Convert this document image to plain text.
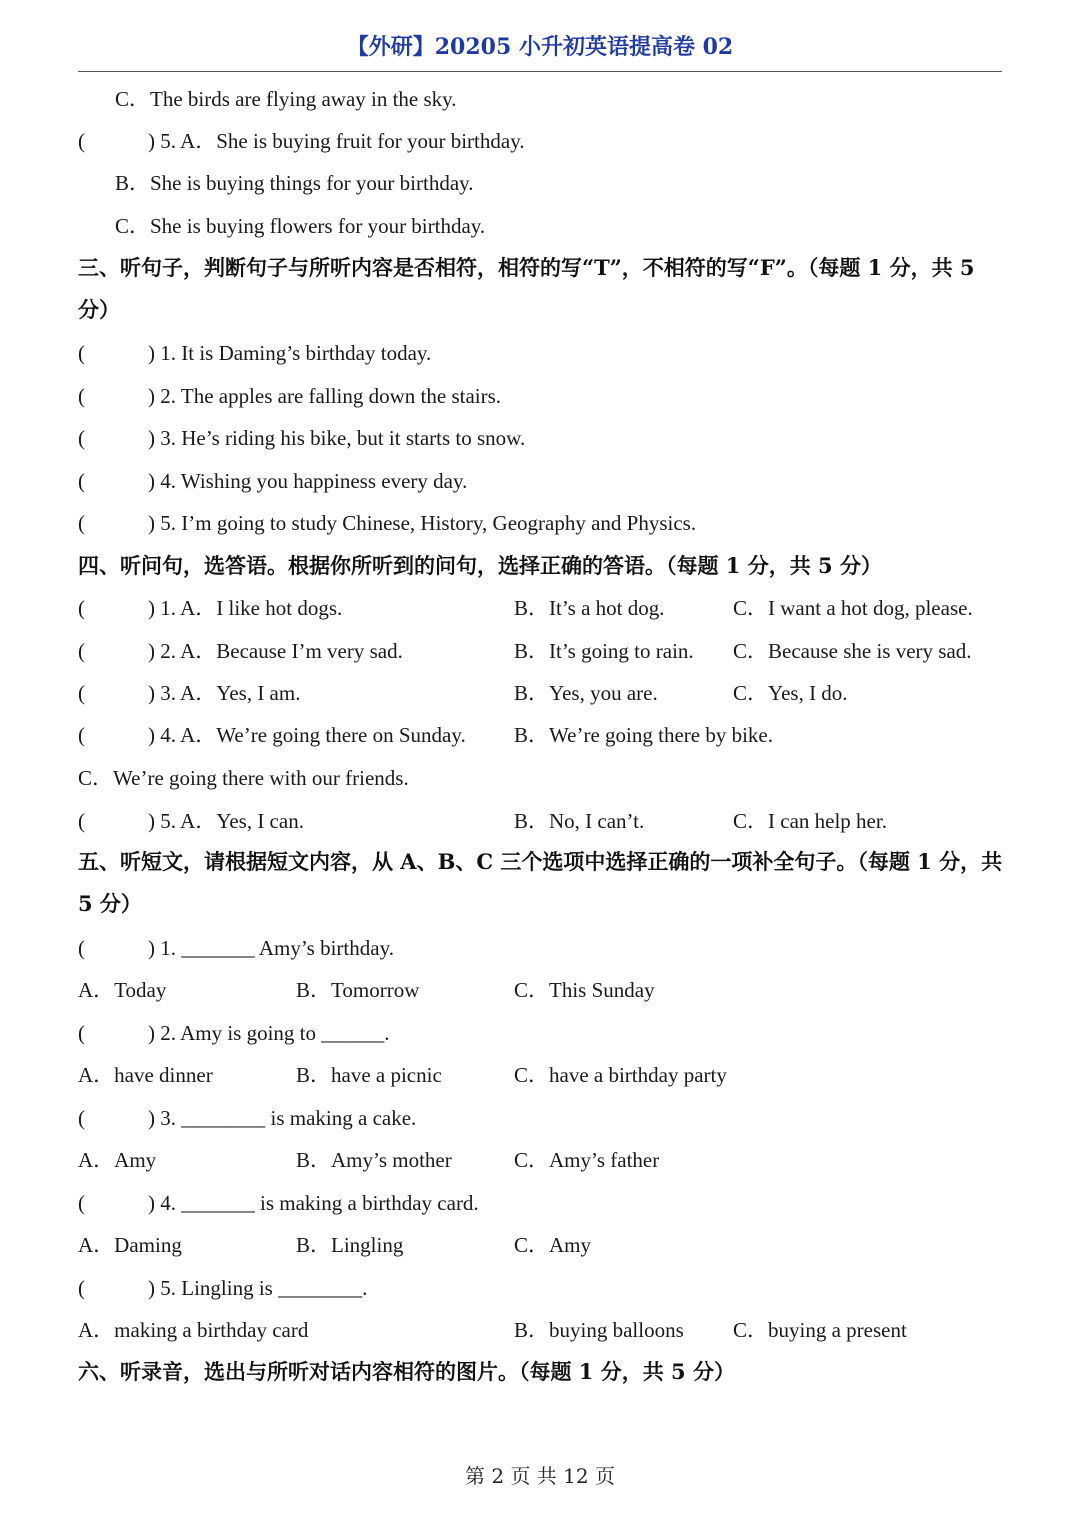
【外研】20205 小升初英语提高卷 02
C．The birds are flying away in the sky.
(	) 5. A．She is buying fruit for your birthday.
B．She is buying things for your birthday.
C．She is buying flowers for your birthday.
三、听句子，判断句子与所听内容是否相符，相符的写“T”，不相符的写“F”。（每题 1 分，共 5 分）
(	) 1. It is Daming’s birthday today.
(	) 2. The apples are falling down the stairs.
(	) 3. He’s riding his bike, but it starts to snow.
(	) 4. Wishing you happiness every day.
(	) 5. I’m going to study Chinese, History, Geography and Physics.
四、听问句，选答语。根据你所听到的问句，选择正确的答语。（每题 1 分，共 5 分）
(	) 1. A．I like hot dogs.	B．It’s a hot dog.	C．I want a hot dog, please.
(	) 2. A．Because I’m very sad.	B．It’s going to rain. C．Because she is very sad.
(	) 3. A．Yes, I am.	B．Yes, you are.	C．Yes, I do.
(	) 4. A．We’re going there on Sunday. B．We’re going there by bike.
C．We’re going there with our friends.
(	) 5. A．Yes, I can.	B．No, I can’t.	C．I can help her.
五、听短文，请根据短文内容，从 A、B、C 三个选项中选择正确的一项补全句子。（每题 1 分，共 5 分）
(	) 1. _______ Amy’s birthday.
A．Today	B．Tomorrow	C．This Sunday
(	) 2. Amy is going to ______.
A．have dinner	B．have a picnic	C．have a birthday party
(	) 3. ________ is making a cake.
A．Amy	B．Amy’s mother	C．Amy’s father
(	) 4. _______ is making a birthday card.
A．Daming	B．Lingling	C．Amy
(	) 5. Lingling is ________.
A．making a birthday card	B．buying balloons C．buying a present
六、听录音，选出与所听对话内容相符的图片。（每题 1 分，共 5 分）
第 2 页 共 12 页
